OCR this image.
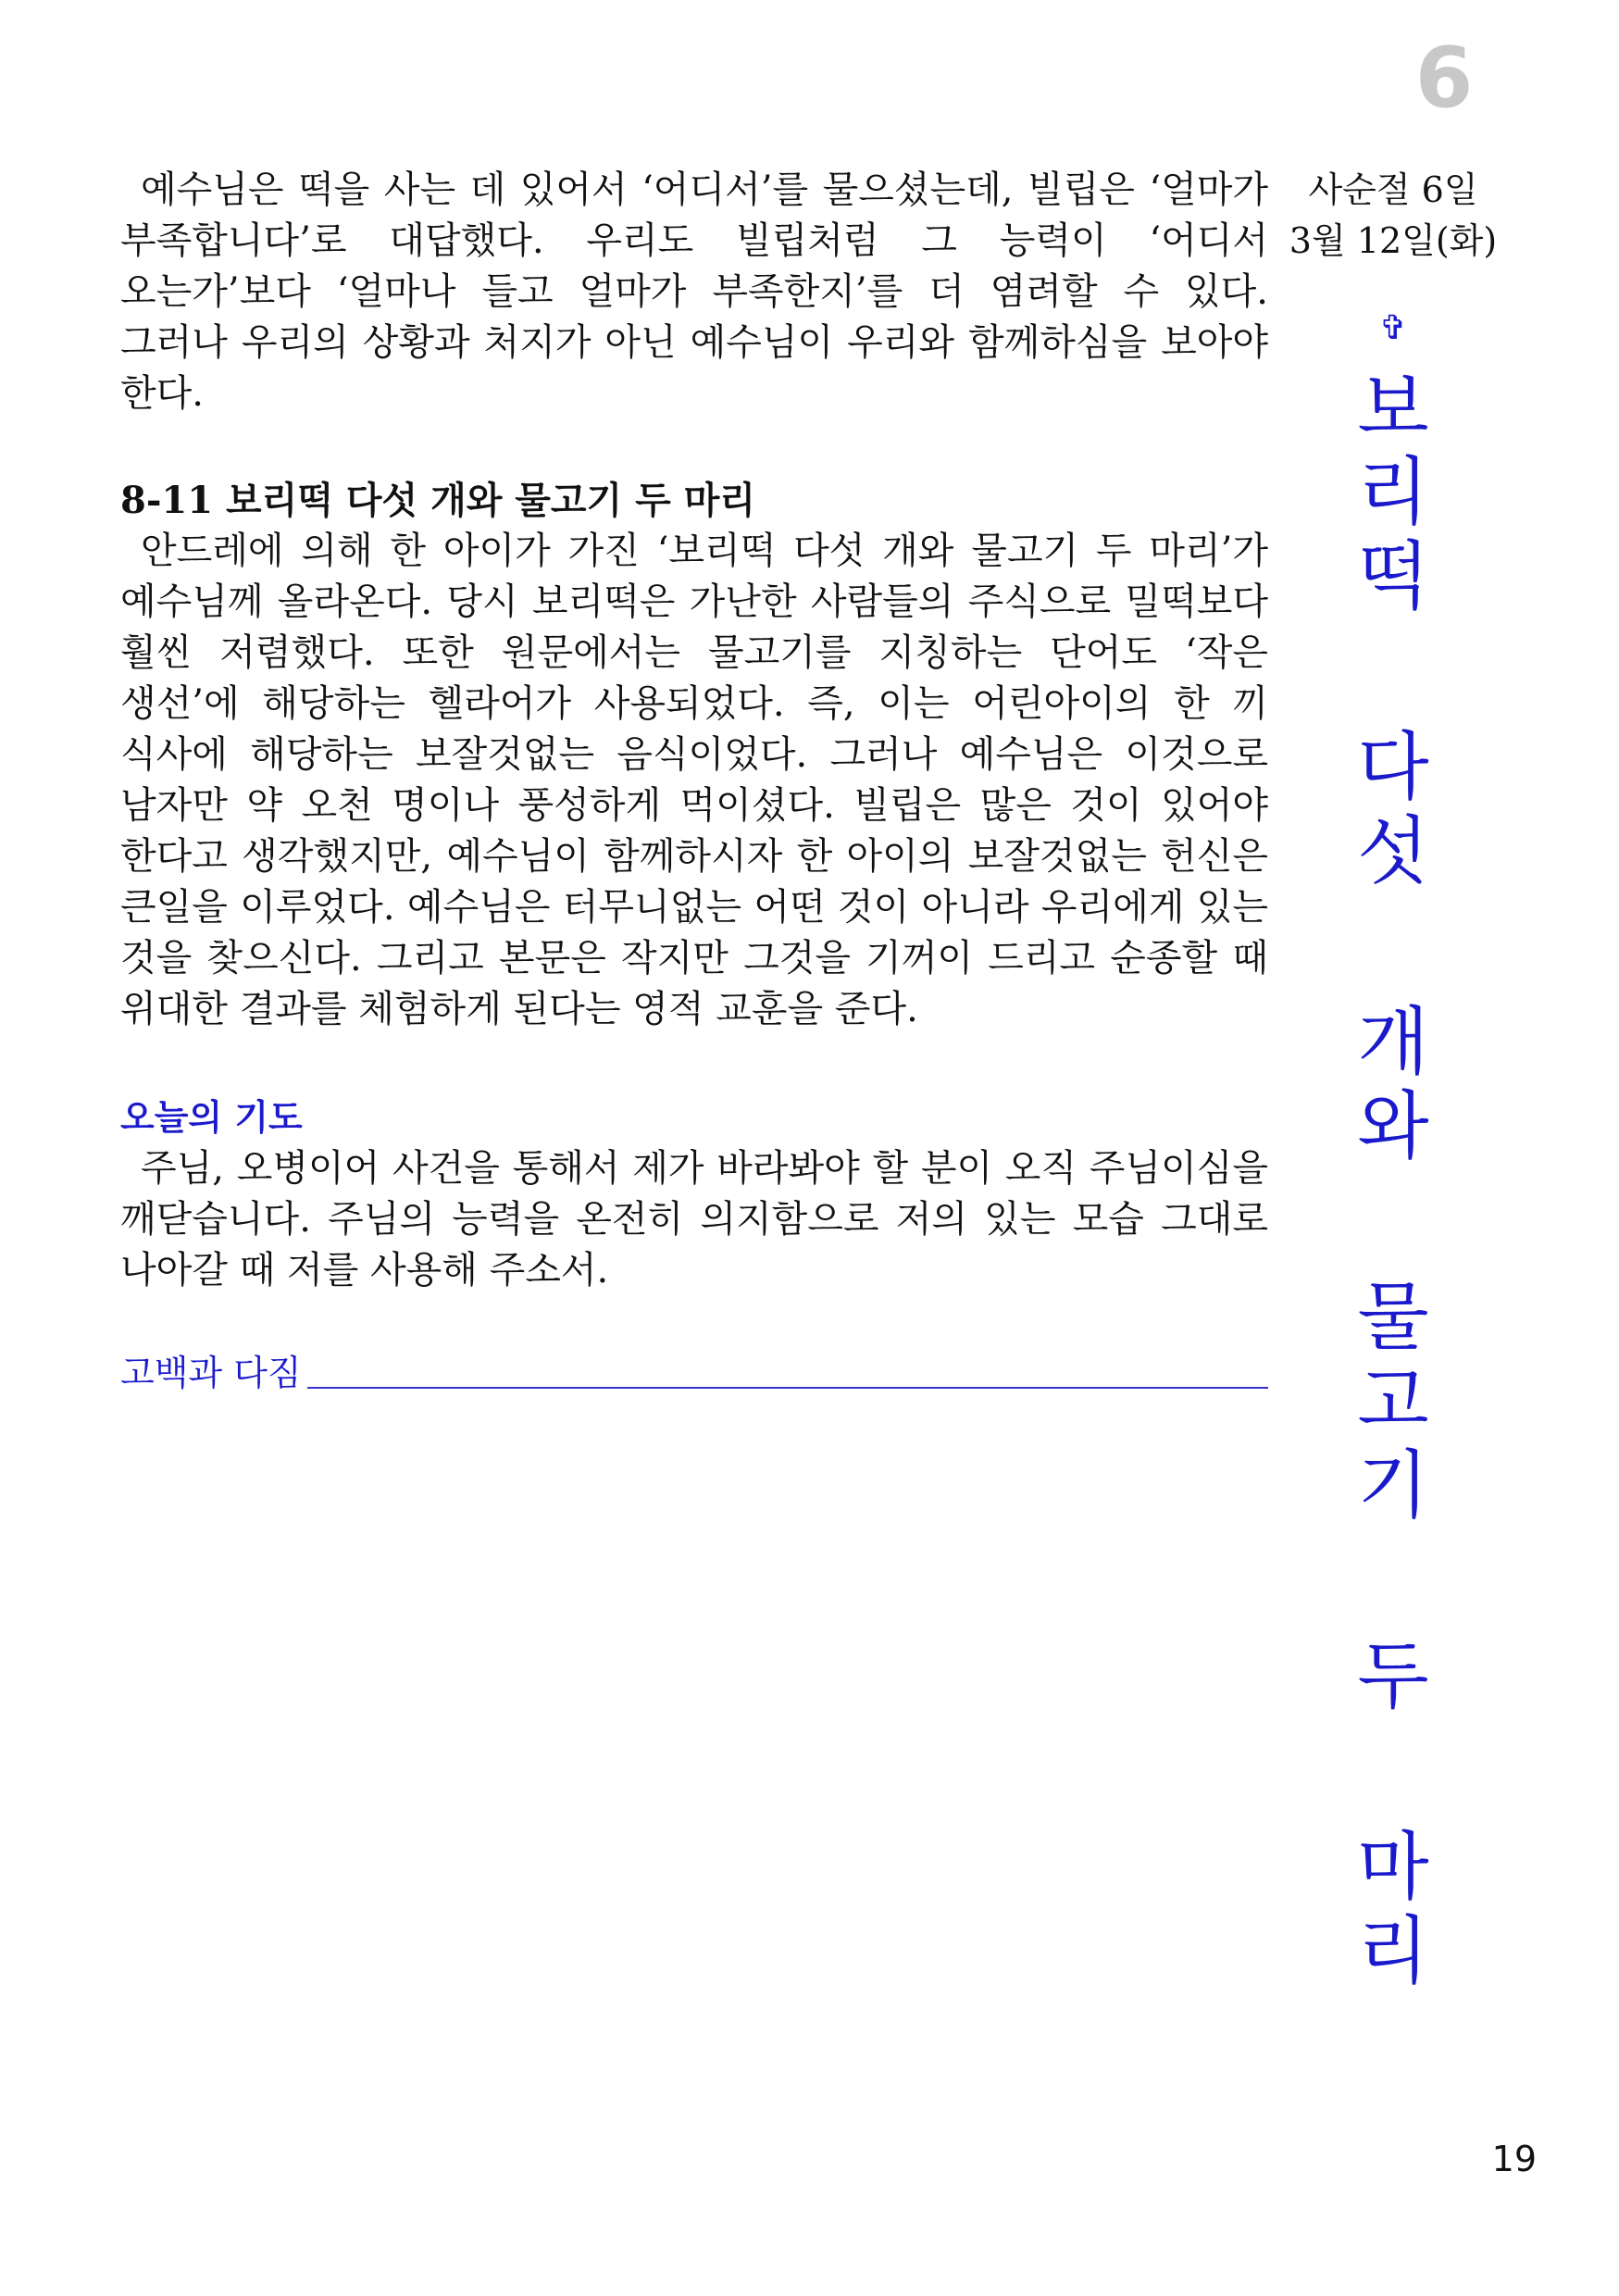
6

예수님은 떡을 사는 데 있어서 ‘어디서’를 물으셨는데, 빌립은 ‘얼마가 부족합니다’로 대답했다. 우리도 빌립처럼 그 능력이 ‘어디서 오는가’보다 ‘얼마나 들고 얼마가 부족한지’를 더 염려할 수 있다. 그러나 우리의 상황과 처지가 아닌 예수님이 우리와 함께하심을 보아야 한다.

8-11 보리떡 다섯 개와 물고기 두 마리

안드레에 의해 한 아이가 가진 ‘보리떡 다섯 개와 물고기 두 마리’가 예수님께 올라온다. 당시 보리떡은 가난한 사람들의 주식으로 밀떡보다 훨씬 저렴했다. 또한 원문에서는 물고기를 지칭하는 단어도 ‘작은 생선’에 해당하는 헬라어가 사용되었다. 즉, 이는 어린아이의 한 끼 식사에 해당하는 보잘것없는 음식이었다. 그러나 예수님은 이것으로 남자만 약 오천 명이나 풍성하게 먹이셨다. 빌립은 많은 것이 있어야 한다고 생각했지만, 예수님이 함께하시자 한 아이의 보잘것없는 헌신은 큰일을 이루었다. 예수님은 터무니없는 어떤 것이 아니라 우리에게 있는 것을 찾으신다. 그리고 본문은 작지만 그것을 기꺼이 드리고 순종할 때 위대한 결과를 체험하게 된다는 영적 교훈을 준다.

오늘의 기도

주님, 오병이어 사건을 통해서 제가 바라봐야 할 분이 오직 주님이심을 깨닫습니다. 주님의 능력을 온전히 의지함으로 저의 있는 모습 그대로 나아갈 때 저를 사용해 주소서.

고백과 다짐
사순절 6일
3월 12일(화)
✞
보
리
떡
다
섯
개
와
물
고
기
두
마
리
19
